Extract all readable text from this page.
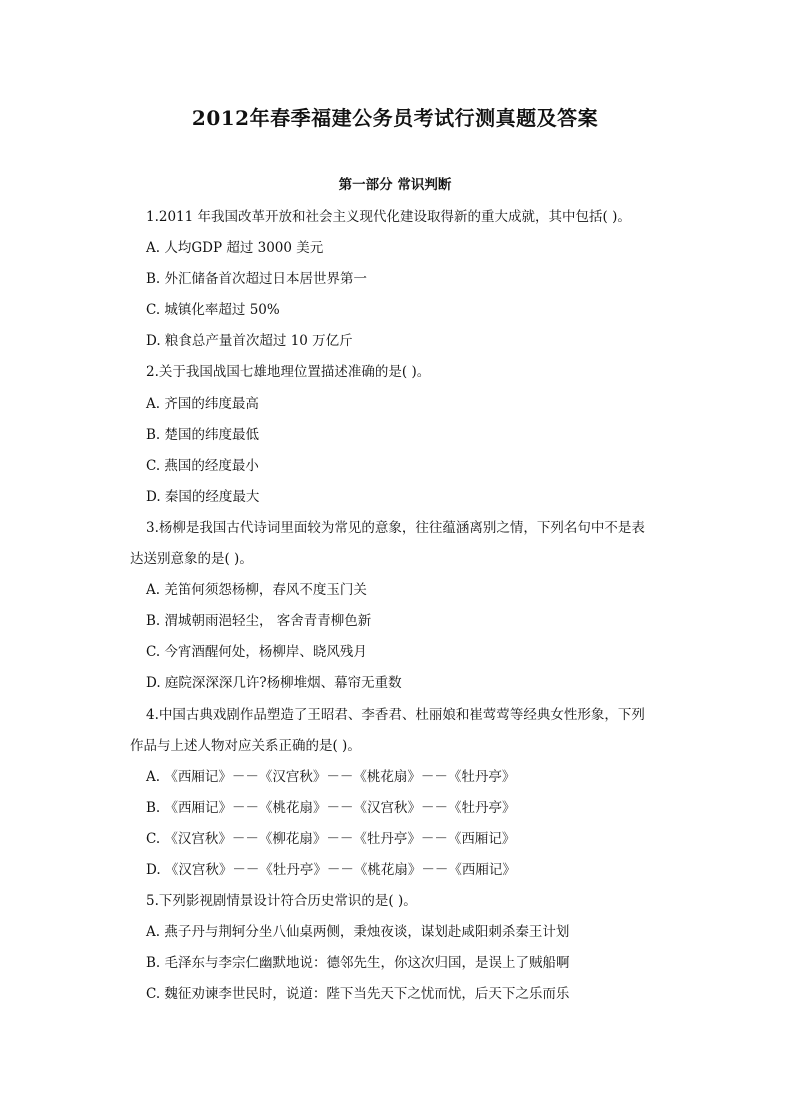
2012年春季福建公务员考试行测真题及答案
第一部分 常识判断
1.2011 年我国改革开放和社会主义现代化建设取得新的重大成就，其中包括( )。
A. 人均GDP 超过 3000 美元
B. 外汇储备首次超过日本居世界第一
C. 城镇化率超过 50%
D. 粮食总产量首次超过 10 万亿斤
2.关于我国战国七雄地理位置描述准确的是( )。
A. 齐国的纬度最高
B. 楚国的纬度最低
C. 燕国的经度最小
D. 秦国的经度最大
3.杨柳是我国古代诗词里面较为常见的意象，往往蕴涵离别之情，下列名句中不是表
达送别意象的是( )。
A. 羌笛何须怨杨柳，春风不度玉门关
B. 渭城朝雨浥轻尘， 客舍青青柳色新
C. 今宵酒醒何处，杨柳岸、晓风残月
D. 庭院深深深几许?杨柳堆烟、幕帘无重数
4.中国古典戏剧作品塑造了王昭君、李香君、杜丽娘和崔莺莺等经典女性形象，下列
作品与上述人物对应关系正确的是( )。
A. 《西厢记》－－《汉宫秋》－－《桃花扇》－－《牡丹亭》
B. 《西厢记》－－《桃花扇》－－《汉宫秋》－－《牡丹亭》
C. 《汉宫秋》－－《柳花扇》－－《牡丹亭》－－《西厢记》
D. 《汉宫秋》－－《牡丹亭》－－《桃花扇》－－《西厢记》
5.下列影视剧情景设计符合历史常识的是( )。
A. 燕子丹与荆轲分坐八仙桌两侧，秉烛夜谈，谋划赴咸阳刺杀秦王计划
B. 毛泽东与李宗仁幽默地说：德邻先生，你这次归国，是误上了贼船啊
C. 魏征劝谏李世民时，说道：陛下当先天下之忧而忧，后天下之乐而乐
